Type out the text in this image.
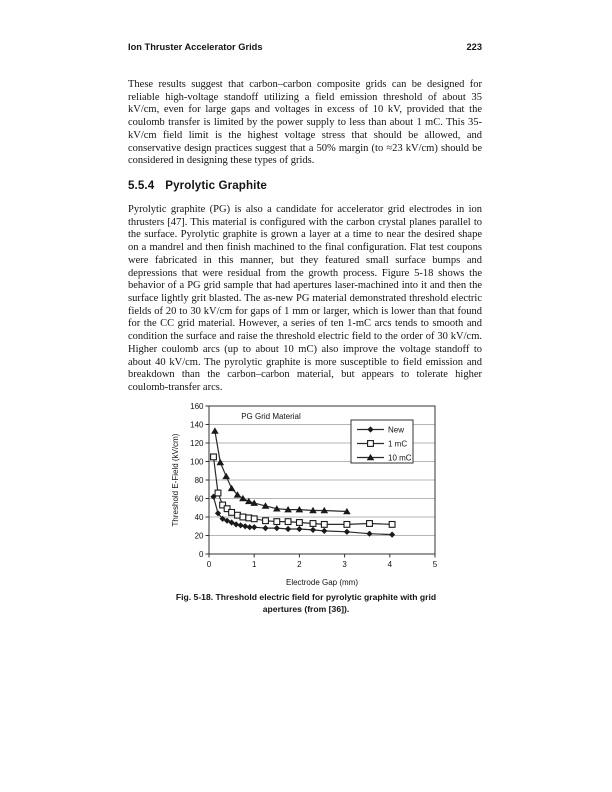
Ion Thruster Accelerator Grids	223

These results suggest that carbon–carbon composite grids can be designed for reliable high-voltage standoff utilizing a field emission threshold of about 35 kV/cm, even for large gaps and voltages in excess of 10 kV, provided that the coulomb transfer is limited by the power supply to less than about 1 mC. This 35-kV/cm field limit is the highest voltage stress that should be allowed, and conservative design practices suggest that a 50% margin (to ≈23 kV/cm) should be considered in designing these types of grids.

5.5.4 Pyrolytic Graphite

Pyrolytic graphite (PG) is also a candidate for accelerator grid electrodes in ion thrusters [47]. This material is configured with the carbon crystal planes parallel to the surface. Pyrolytic graphite is grown a layer at a time to near the desired shape on a mandrel and then finish machined to the final configuration. Flat test coupons were fabricated in this manner, but they featured small surface bumps and depressions that were residual from the growth process. Figure 5-18 shows the behavior of a PG grid sample that had apertures laser-machined into it and then the surface lightly grit blasted. The as-new PG material demonstrated threshold electric fields of 20 to 30 kV/cm for gaps of 1 mm or larger, which is lower than that found for the CC grid material. However, a series of ten 1-mC arcs tends to smooth and condition the surface and raise the threshold electric field to the order of 30 kV/cm. Higher coulomb arcs (up to about 10 mC) also improve the voltage standoff to about 40 kV/cm. The pyrolytic graphite is more susceptible to field emission and breakdown than the carbon–carbon material, but appears to tolerate higher coulomb-transfer arcs.

0
20
40
60
80
100
120
140
160
0	1	2	3	4	5
PG Grid Material
Electrode Gap (mm)
Threshold E-Field (kV/cm)
New
1 mC
10 mC
Fig. 5-18. Threshold electric field for pyrolytic graphite with grid apertures (from [36]).
